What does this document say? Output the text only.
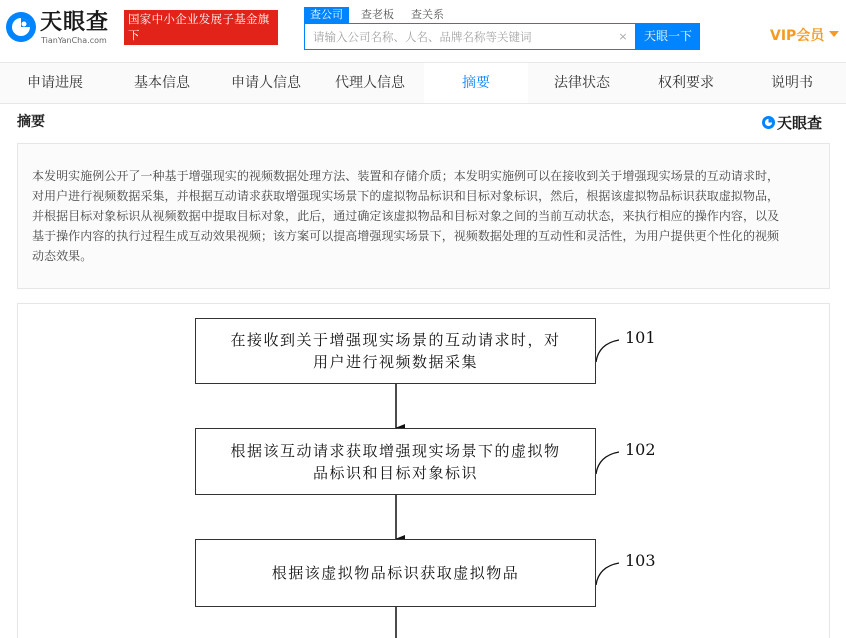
天眼查
TianYanCha.com
国家中小企业发展子基金旗下
官方备案企业征信机构
查公司	查老板 查关系
请输入公司名称、人名、品牌名称等关键词
×	天眼一下	VIP会员
申请进展	基本信息	申请人信息	代理人信息	摘要	法律状态	权利要求	说明书
摘要	天眼查
本发明实施例公开了一种基于增强现实的视频数据处理方法、装置和存储介质；本发明实施例可以在接收到关于增强现实场景的互动请求时，
对用户进行视频数据采集，并根据互动请求获取增强现实场景下的虚拟物品标识和目标对象标识，然后，根据该虚拟物品标识获取虚拟物品，
并根据目标对象标识从视频数据中提取目标对象，此后，通过确定该虚拟物品和目标对象之间的当前互动状态，来执行相应的操作内容，以及
基于操作内容的执行过程生成互动效果视频；该方案可以提高增强现实场景下，视频数据处理的互动性和灵活性，为用户提供更个性化的视频
动态效果。
在接收到关于增强现实场景的互动请求时，对
用户进行视频数据采集
101
根据该互动请求获取增强现实场景下的虚拟物
品标识和目标对象标识
102
根据该虚拟物品标识获取虚拟物品
103
